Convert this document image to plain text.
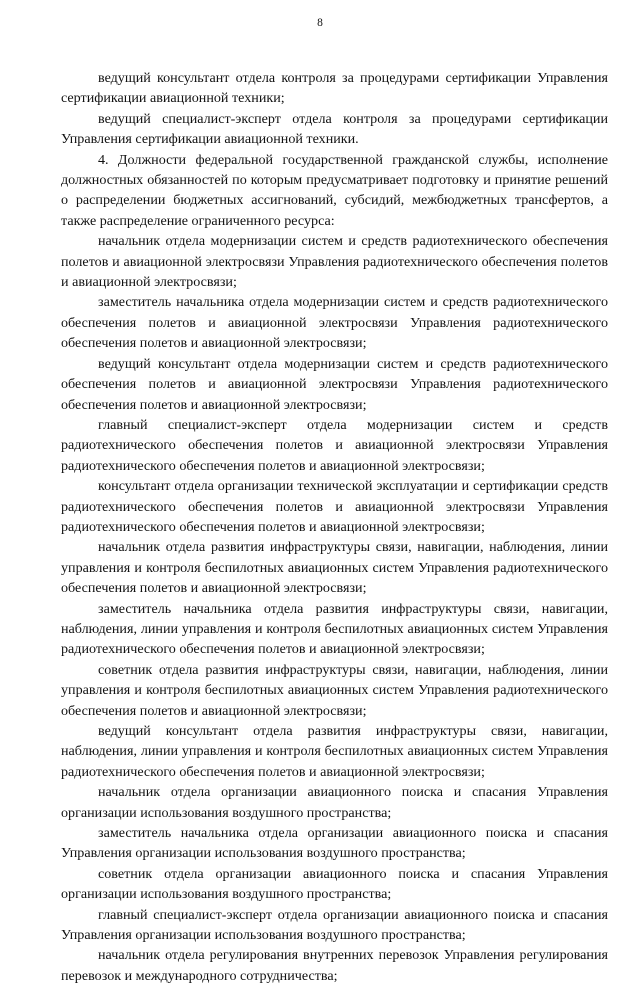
8

ведущий консультант отдела контроля за процедурами сертификации Управления сертификации авиационной техники;

ведущий специалист-эксперт отдела контроля за процедурами сертификации Управления сертификации авиационной техники.

4. Должности федеральной государственной гражданской службы, исполнение должностных обязанностей по которым предусматривает подготовку и принятие решений о распределении бюджетных ассигнований, субсидий, межбюджетных трансфертов, а также распределение ограниченного ресурса:

начальник отдела модернизации систем и средств радиотехнического обеспечения полетов и авиационной электросвязи Управления радиотехнического обеспечения полетов и авиационной электросвязи;

заместитель начальника отдела модернизации систем и средств радиотехнического обеспечения полетов и авиационной электросвязи Управления радиотехнического обеспечения полетов и авиационной электросвязи;

ведущий консультант отдела модернизации систем и средств радиотехнического обеспечения полетов и авиационной электросвязи Управления радиотехнического обеспечения полетов и авиационной электросвязи;

главный специалист-эксперт отдела модернизации систем и средств радиотехнического обеспечения полетов и авиационной электросвязи Управления радиотехнического обеспечения полетов и авиационной электросвязи;

консультант отдела организации технической эксплуатации и сертификации средств радиотехнического обеспечения полетов и авиационной электросвязи Управления радиотехнического обеспечения полетов и авиационной электросвязи;

начальник отдела развития инфраструктуры связи, навигации, наблюдения, линии управления и контроля беспилотных авиационных систем Управления радиотехнического обеспечения полетов и авиационной электросвязи;

заместитель начальника отдела развития инфраструктуры связи, навигации, наблюдения, линии управления и контроля беспилотных авиационных систем Управления радиотехнического обеспечения полетов и авиационной электросвязи;

советник отдела развития инфраструктуры связи, навигации, наблюдения, линии управления и контроля беспилотных авиационных систем Управления радиотехнического обеспечения полетов и авиационной электросвязи;

ведущий консультант отдела развития инфраструктуры связи, навигации, наблюдения, линии управления и контроля беспилотных авиационных систем Управления радиотехнического обеспечения полетов и авиационной электросвязи;

начальник отдела организации авиационного поиска и спасания Управления организации использования воздушного пространства;

заместитель начальника отдела организации авиационного поиска и спасания Управления организации использования воздушного пространства;

советник отдела организации авиационного поиска и спасания Управления организации использования воздушного пространства;

главный специалист-эксперт отдела организации авиационного поиска и спасания Управления организации использования воздушного пространства;

начальник отдела регулирования внутренних перевозок Управления регулирования перевозок и международного сотрудничества;
